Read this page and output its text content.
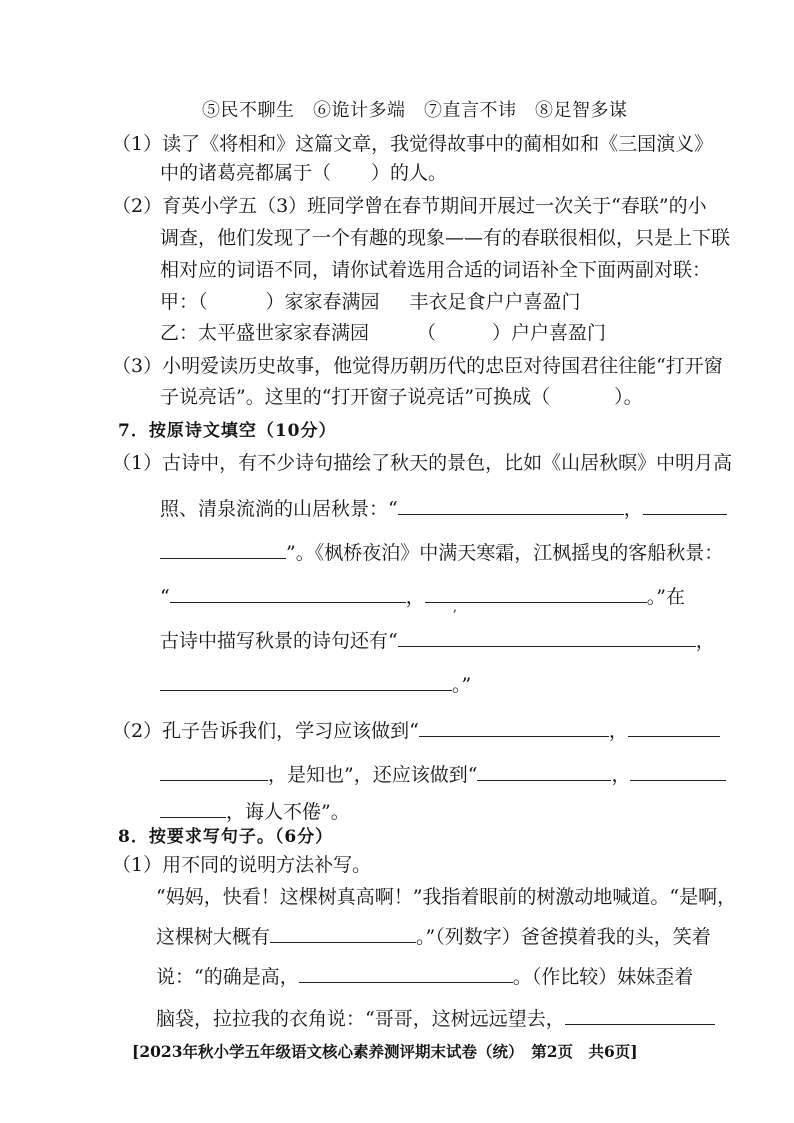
⑤民不聊生　⑥诡计多端　⑦直言不讳　⑧足智多谋
（1）读了《将相和》这篇文章，我觉得故事中的蔺相如和《三国演义》
中的诸葛亮都属于（ ）的人。
（2）育英小学五（3）班同学曾在春节期间开展过一次关于“春联”的小
调查，他们发现了一个有趣的现象——有的春联很相似，只是上下联
相对应的词语不同，请你试着选用合适的词语补全下面两副对联：
甲：（	）家家春满园 丰衣足食户户喜盈门
乙：太平盛世家家春满园	（	）户户喜盈门
（3）小明爱读历史故事，他觉得历朝历代的忠臣对待国君往往能“打开窗
子说亮话”。这里的“打开窗子说亮话”可换成（	）。
7．按原诗文填空（10分）
（1）古诗中，有不少诗句描绘了秋天的景色，比如《山居秋暝》中明月高
照、清泉流淌的山居秋景：“	，
”。《枫桥夜泊》中满天寒霜，江枫摇曳的客船秋景：
“	，	。”在
ʼ
古诗中描写秋景的诗句还有“	，
。”
（2）孔子告诉我们，学习应该做到“	，
，是知也”，还应该做到“	，
，诲人不倦”。
8．按要求写句子。（6分）
（1）用不同的说明方法补写。
“妈妈，快看！这棵树真高啊！”我指着眼前的树激动地喊道。“是啊，
这棵树大概有	。”（列数字）爸爸摸着我的头，笑着
说：“的确是高，	。（作比较）妹妹歪着
脑袋，拉拉我的衣角说：“哥哥，这树远远望去，
[2023年秋小学五年级语文核心素养测评期末试卷（统）　第2页　共6页]
